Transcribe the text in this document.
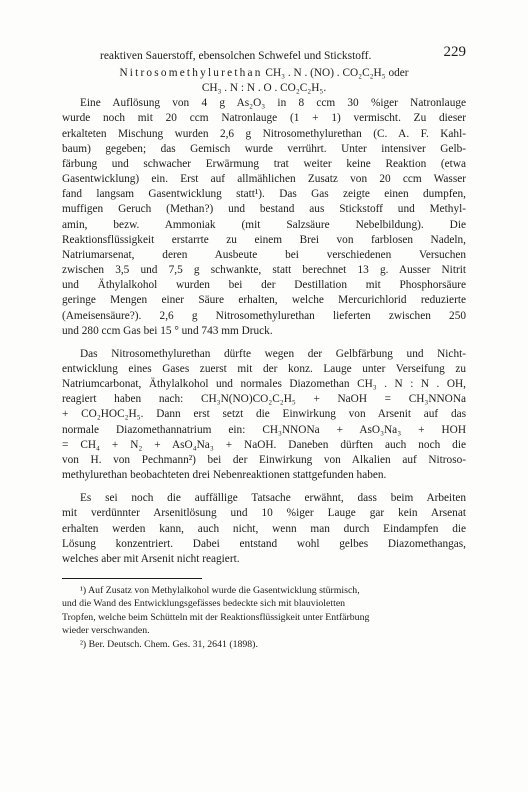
reaktiven Sauerstoff, ebensolchen Schwefel und Stickstoff.	229
Nitrosomethylurethan CH₃ . N . (NO) . CO₂C₂H₅ oder
CH₃ . N : N . O . CO₂C₂H₅.
Eine Auflösung von 4 g As₂O₃ in 8 ccm 30 %iger Natronlauge
wurde noch mit 20 ccm Natronlauge (1 + 1) vermischt. Zu dieser
erkalteten Mischung wurden 2,6 g Nitrosomethylurethan (C. A. F. Kahl-
baum) gegeben; das Gemisch wurde verrührt. Unter intensiver Gelb-
färbung und schwacher Erwärmung trat weiter keine Reaktion (etwa
Gasentwicklung) ein. Erst auf allmählichen Zusatz von 20 ccm Wasser
fand langsam Gasentwicklung statt¹). Das Gas zeigte einen dumpfen,
muffigen Geruch (Methan?) und bestand aus Stickstoff und Methyl-
amin, bezw. Ammoniak (mit Salzsäure Nebelbildung). Die
Reaktionsflüssigkeit erstarrte zu einem Brei von farblosen Nadeln,
Natriumarsenat, deren Ausbeute bei verschiedenen Versuchen
zwischen 3,5 und 7,5 g schwankte, statt berechnet 13 g. Ausser Nitrit
und Äthylalkohol wurden bei der Destillation mit Phosphorsäure
geringe Mengen einer Säure erhalten, welche Mercurichlorid reduzierte
(Ameisensäure?). 2,6 g Nitrosomethylurethan lieferten zwischen 250
und 280 ccm Gas bei 15 ° und 743 mm Druck.
Das Nitrosomethylurethan dürfte wegen der Gelbfärbung und Nicht-
entwicklung eines Gases zuerst mit der konz. Lauge unter Verseifung zu
Natriumcarbonat, Äthylalkohol und normales Diazomethan CH₃ . N : N . OH,
reagiert haben nach: CH₃N(NO)CO₂C₂H₅ + NaOH = CH₃NNONa
+ CO₂HOC₂H₅. Dann erst setzt die Einwirkung von Arsenit auf das
normale Diazomethannatrium ein: CH₃NNONa + AsO₃Na₃ + HOH
= CH₄ + N₂ + AsO₄Na₃ + NaOH. Daneben dürften auch noch die
von H. von Pechmann²) bei der Einwirkung von Alkalien auf Nitroso-
methylurethan beobachteten drei Nebenreaktionen stattgefunden haben.
Es sei noch die auffällige Tatsache erwähnt, dass beim Arbeiten
mit verdünnter Arsenitlösung und 10 %iger Lauge gar kein Arsenat
erhalten werden kann, auch nicht, wenn man durch Eindampfen die
Lösung konzentriert. Dabei entstand wohl gelbes Diazomethangas,
welches aber mit Arsenit nicht reagiert.
¹) Auf Zusatz von Methylalkohol wurde die Gasentwicklung stürmisch,
und die Wand des Entwicklungsgefässes bedeckte sich mit blauvioletten
Tropfen, welche beim Schütteln mit der Reaktionsflüssigkeit unter Entfärbung
wieder verschwanden.
²) Ber. Deutsch. Chem. Ges. 31, 2641 (1898).
